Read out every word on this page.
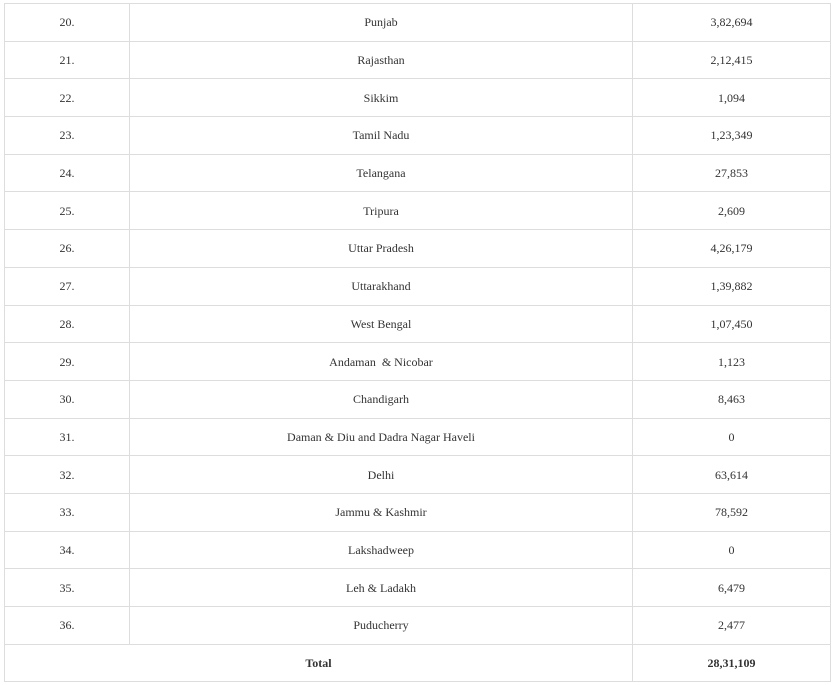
20.	Punjab	3,82,694
21.	Rajasthan	2,12,415
22.	Sikkim	1,094
23.	Tamil Nadu	1,23,349
24.	Telangana	27,853
25.	Tripura	2,609
26.	Uttar Pradesh	4,26,179
27.	Uttarakhand	1,39,882
28.	West Bengal	1,07,450
29.	Andaman  & Nicobar	1,123
30.	Chandigarh	8,463
31.	Daman & Diu and Dadra Nagar Haveli	0
32.	Delhi	63,614
33.	Jammu & Kashmir	78,592
34.	Lakshadweep	0
35.	Leh & Ladakh	6,479
36.	Puducherry	2,477
Total		28,31,109
